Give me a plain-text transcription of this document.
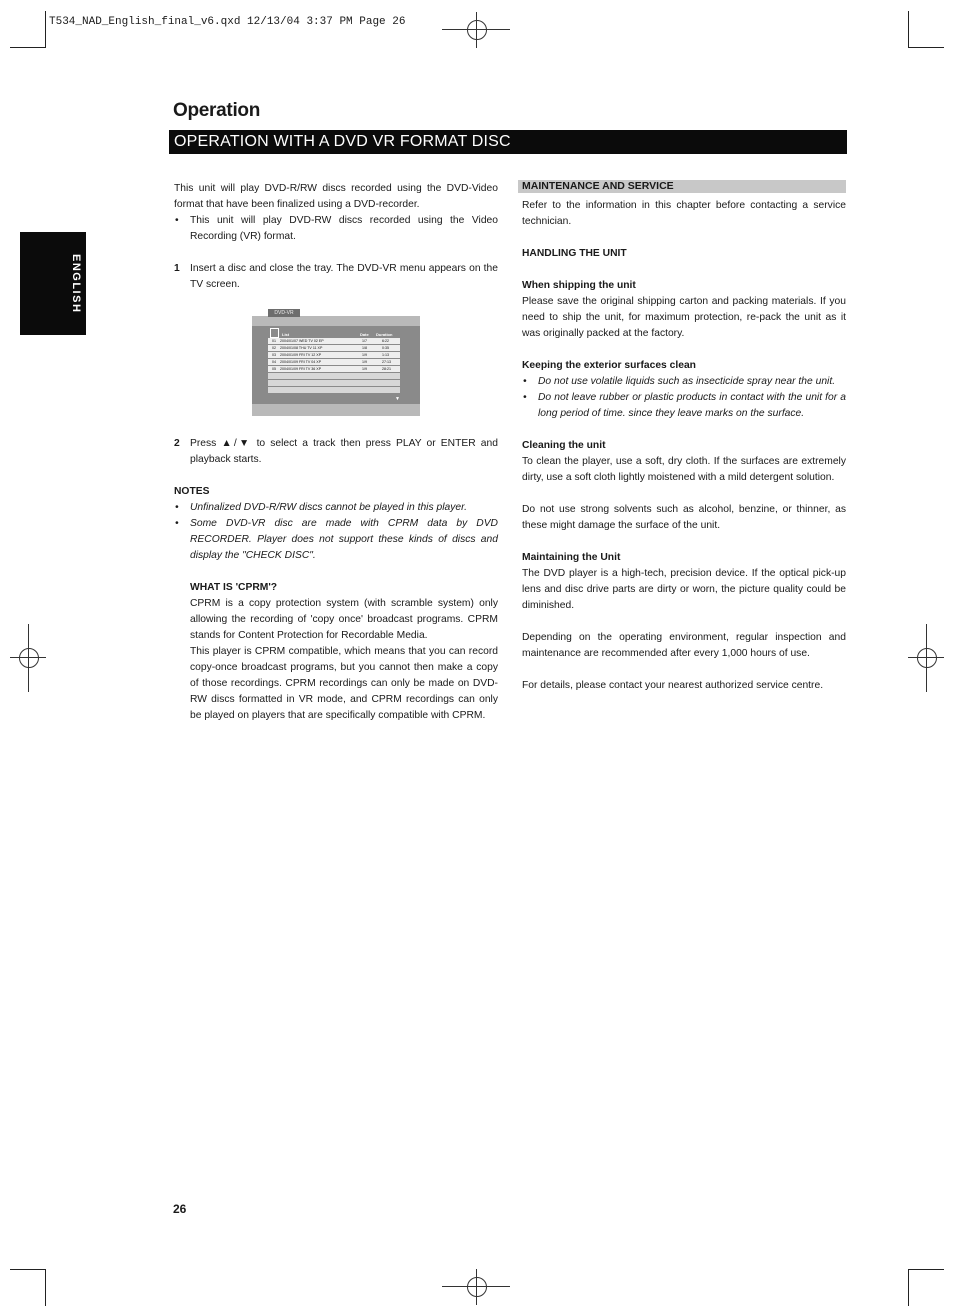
T534_NAD_English_final_v6.qxd 12/13/04 3:37 PM Page 26
Operation
OPERATION WITH A DVD VR FORMAT DISC
ENGLISH

This unit will play DVD-R/RW discs recorded using the DVD-Video format that have been finalized using a DVD-recorder.

• This unit will play DVD-RW discs recorded using the Video Recording (VR) format.
1 Insert a disc and close the tray. The DVD-VR menu appears on the TV screen.
DVD-VR
List	Date Duration
01 2004/01/07 WED TV 02 EP	1/7	6:22
02 2004/01/08 THU TV 11 XP	1/8	0:35
03 2004/01/09 FRI TV 12 XP	1/9	1:13
04 2004/01/09 FRI TV 04 XP	1/9	27:13
05 2004/01/09 FRI TV 36 XP	1/9	28:21
▼
2 Press ▲/▼ to select a track then press PLAY or ENTER and playback starts.

NOTES

• Unfinalized DVD-R/RW discs cannot be played in this player.
• Some DVD-VR disc are made with CPRM data by DVD RECORDER. Player does not support these kinds of discs and display the "CHECK DISC".

WHAT IS 'CPRM'?

CPRM is a copy protection system (with scramble system) only allowing the recording of 'copy once' broadcast programs. CPRM stands for Content Protection for Recordable Media.

This player is CPRM compatible, which means that you can record copy-once broadcast programs, but you cannot then make a copy of those recordings. CPRM recordings can only be made on DVD-RW discs formatted in VR mode, and CPRM recordings can only be played on players that are specifically compatible with CPRM.

MAINTENANCE AND SERVICE

Refer to the information in this chapter before contacting a service technician.

HANDLING THE UNIT

When shipping the unit

Please save the original shipping carton and packing materials. If you need to ship the unit, for maximum protection, re-pack the unit as it was originally packed at the factory.

Keeping the exterior surfaces clean

• Do not use volatile liquids such as insecticide spray near the unit.
• Do not leave rubber or plastic products in contact with the unit for a long period of time. since they leave marks on the surface.

Cleaning the unit

To clean the player, use a soft, dry cloth. If the surfaces are extremely dirty, use a soft cloth lightly moistened with a mild detergent solution.

Do not use strong solvents such as alcohol, benzine, or thinner, as these might damage the surface of the unit.

Maintaining the Unit

The DVD player is a high-tech, precision device. If the optical pick-up lens and disc drive parts are dirty or worn, the picture quality could be diminished.

Depending on the operating environment, regular inspection and maintenance are recommended after every 1,000 hours of use.

For details, please contact your nearest authorized service centre.

26
